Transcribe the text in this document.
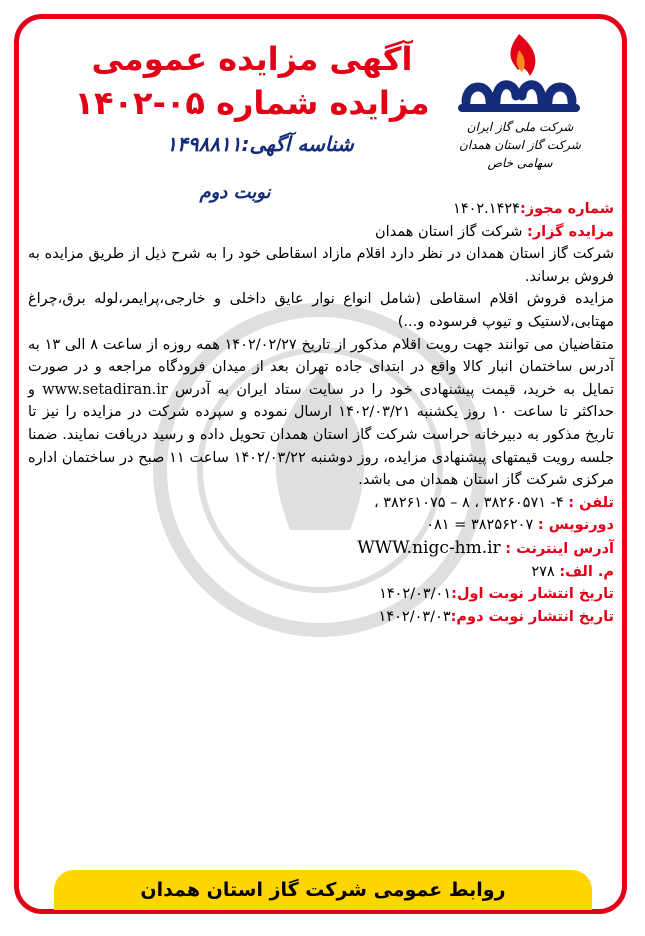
شرکت ملی گاز ایران
شرکت گاز استان همدان
سهامی خاص
آگهی مزایده عمومی
مزایده شماره ۰۵-۱۴۰۲
شناسه آگهی:۱۴۹۸۸۱۱
نوبت دوم

شماره مجوز:۱۴۰۲.۱۴۲۴

مزایده گزار: شرکت گاز استان همدان

شرکت گاز استان همدان در نظر دارد اقلام مازاد اسقاطی خود را به شرح ذیل از طریق مزایده به فروش برساند.

مزایده فروش اقلام اسقاطی (شامل انواع نوار عایق داخلی و خارجی،پرایمر،لوله برق،چراغ مهتابی،لاستیک و تیوپ فرسوده و...)

متقاضیان می توانند جهت رویت اقلام مذکور از تاریخ ۱۴۰۲/۰۲/۲۷ همه روزه از ساعت ۸ الی ۱۳ به آدرس ساختمان انبار کالا واقع در ابتدای جاده تهران بعد از میدان فرودگاه مراجعه و در صورت تمایل به خرید، قیمت پیشنهادی خود را در سایت ستاد ایران به آدرس www.setadiran.ir و حداکثر تا ساعت ۱۰ روز یکشنبه ۱۴۰۲/۰۳/۲۱ ارسال نموده و سپرده شرکت در مزایده را نیز تا تاریخ مذکور به دبیرخانه حراست شرکت گاز استان همدان تحویل داده و رسید دریافت نمایند. ضمنا جلسه رویت قیمتهای پیشنهادی مزایده، روز دوشنبه ۱۴۰۲/۰۳/۲۲ ساعت ۱۱ صبح در ساختمان اداره مرکزی شرکت گاز استان همدان می باشد.

تلفن : ۴- ۳۸۲۶۰۵۷۱ ، ۸ – ۳۸۲۶۱۰۷۵ ،

دورنویس : ۳۸۲۵۶۲۰۷ = ۰۸۱

آدرس اینترنت : WWW.nigc-hm.ir

م. الف: ۲۷۸

تاریخ انتشار نوبت اول:۱۴۰۲/۰۳/۰۱

تاریخ انتشار نوبت دوم:۱۴۰۲/۰۳/۰۳

روابط عمومی شرکت گاز استان همدان
